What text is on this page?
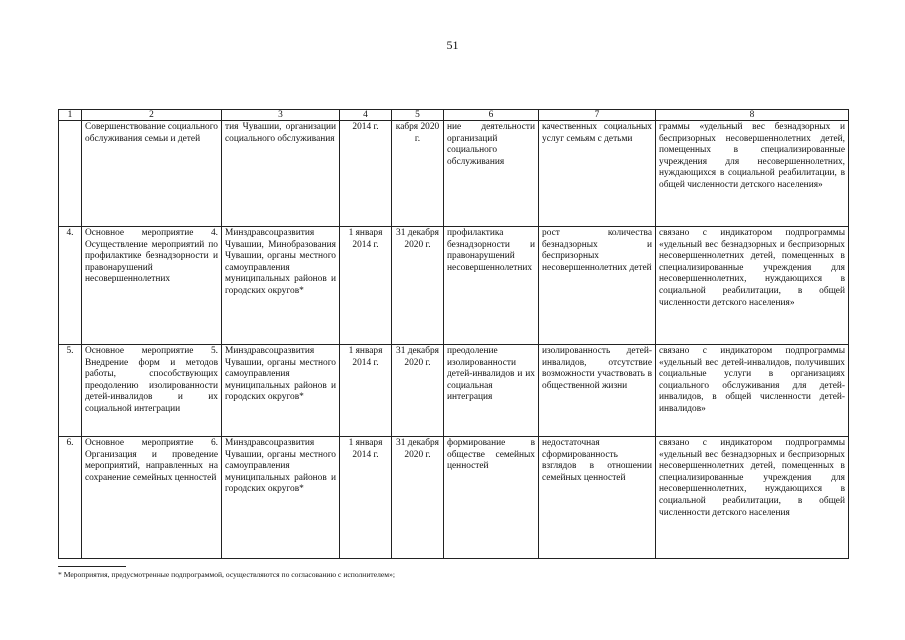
51
1	2	3	4	5	6	7	8
	Совершенствование социального обслуживания семьи и детей	тия Чувашии, организации социального обслуживания	2014 г.	кабря 2020 г.	ние деятельности организаций социального обслуживания	качественных социальных услуг семьям с детьми	граммы «удельный вес безнадзорных и беспризорных несовершеннолетних детей, помещенных в специализированные учреждения для несовершеннолетних, нуждающихся в социальной реабилитации, в общей численности детского населения»
4.	Основное мероприятие 4. Осуществление мероприятий по профилактике безнадзорности и правонарушений несовершеннолетних	Минздравсоцразвития Чувашии, Минобразования Чувашии, органы местного самоуправления муниципальных районов и городских округов*	1 января 2014 г.	31 декабря 2020 г.	профилактика безнадзорности и правонарушений несовершеннолетних	рост количества безнадзорных и беспризорных несовершеннолетних детей	связано с индикатором подпрограммы «удельный вес безнадзорных и беспризорных несовершеннолетних детей, помещенных в специализированные учреждения для несовершеннолетних, нуждающихся в социальной реабилитации, в общей численности детского населения»
5.	Основное мероприятие 5. Внедрение форм и методов работы, способствующих преодолению изолированности детей-инвалидов и их социальной интеграции	Минздравсоцразвития Чувашии, органы местного самоуправления муниципальных районов и городских округов*	1 января 2014 г.	31 декабря 2020 г.	преодоление изолированности детей-инвалидов и их социальная интеграция	изолированность детей-инвалидов, отсутствие возможности участвовать в общественной жизни	связано с индикатором подпрограммы «удельный вес детей-инвалидов, получивших социальные услуги в организациях социального обслуживания для детей-инвалидов, в общей численности детей-инвалидов»
6.	Основное мероприятие 6. Организация и проведение мероприятий, направленных на сохранение семейных ценностей	Минздравсоцразвития Чувашии, органы местного самоуправления муниципальных районов и городских округов*	1 января 2014 г.	31 декабря 2020 г.	формирование в обществе семейных ценностей	недостаточная сформированность взглядов в отношении семейных ценностей	связано с индикатором подпрограммы «удельный вес безнадзорных и беспризорных несовершеннолетних детей, помещенных в специализированные учреждения для несовершеннолетних, нуждающихся в социальной реабилитации, в общей численности детского населения
* Мероприятия, предусмотренные подпрограммой, осуществляются по согласованию с исполнителем»;
